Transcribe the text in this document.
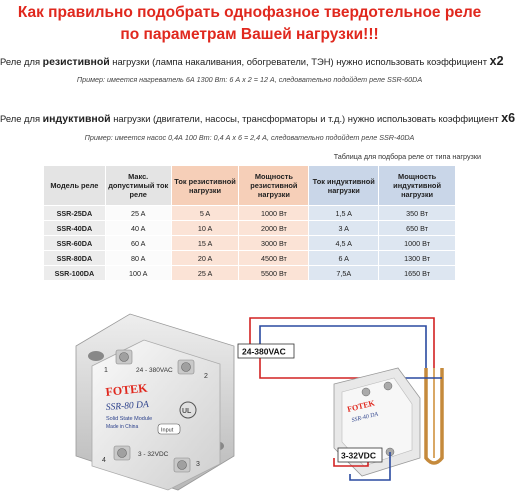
Как правильно подобрать однофазное твердотельное реле
по параметрам Вашей нагрузки!!!
Реле для резистивной нагрузки (лампа накаливания, обогреватели, ТЭН) нужно использовать коэффициент x2
Пример: имеется нагреватель 6А 1300 Вт: 6 А х 2 = 12 А, следовательно подойдет реле SSR-60DA
Реле для индуктивной нагрузки (двигатели, насосы, трансформаторы и т.д.) нужно использовать коэффициент x6
Пример: имеется насос 0,4А 100 Вт: 0,4 А х 6 = 2,4 А, следовательно подойдет реле SSR-40DA
Таблица для подбора реле от типа нагрузки
Модель реле	Макс. допустимый ток реле	Ток резистивной нагрузки	Мощность резистивной нагрузки	Ток индуктивной нагрузки	Мощность индуктивной нагрузки
SSR-25DA	25 A	5 A	1000 Вт	1,5 A	350 Вт
SSR-40DA	40 A	10 A	2000 Вт	3 A	650 Вт
SSR-60DA	60 A	15 A	3000 Вт	4,5 A	1000 Вт
SSR-80DA	80 A	20 A	4500 Вт	6 A	1300 Вт
SSR-100DA	100 A	25 A	5500 Вт	7,5A	1650 Вт
1
2
3
4
24 - 380VAC
FOTEK
SSR-80 DA
Solid State Module
Made in China
UL
Input
3 - 32VDC
24-380VAC
FOTEK
SSR-40 DA
3-32VDC
